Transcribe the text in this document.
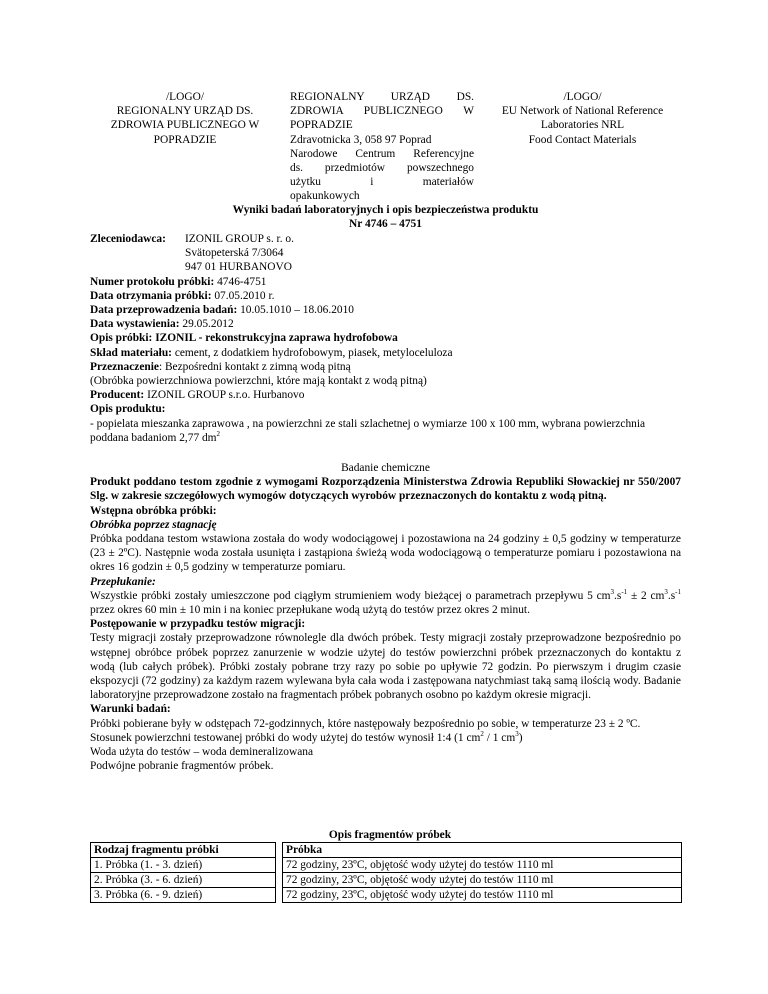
/LOGO/
REGIONALNY URZĄD DS.
ZDROWIA PUBLICZNEGO W
POPRADZIE
REGIONALNY URZĄD DS.
ZDROWIA PUBLICZNEGO W
POPRADZIE
Zdravotnicka 3, 058 97 Poprad
Narodowe Centrum Referencyjne
ds. przedmiotów powszechnego
użytku i materiałów
opakunkowych
/LOGO/
EU Network of National Reference
Laboratories NRL
Food Contact Materials
Wyniki badań laboratoryjnych i opis bezpieczeństwa produktu
Nr 4746 – 4751
Zleceniodawca:	IZONIL GROUP s. r. o.
Svätopeterská 7/3064
947 01 HURBANOVO
Numer protokołu próbki: 4746-4751
Data otrzymania próbki: 07.05.2010 r.
Data przeprowadzenia badań: 10.05.1010 – 18.06.2010
Data wystawienia: 29.05.2012
Opis próbki: IZONIL - rekonstrukcyjna zaprawa hydrofobowa
Skład materiału: cement, z dodatkiem hydrofobowym, piasek, metyloceluloza
Przeznaczenie: Bezpośredni kontakt z zimną wodą pitną
(Obróbka powierzchniowa powierzchni, które mają kontakt z wodą pitną)
Producent: IZONIL GROUP s.r.o. Hurbanovo
Opis produktu:
- popielata mieszanka zaprawowa , na powierzchni ze stali szlachetnej o wymiarze 100 x 100 mm, wybrana powierzchnia poddana badaniom 2,77 $dm^2$
Badanie chemiczne

Produkt poddano testom zgodnie z wymogami Rozporządzenia Ministerstwa Zdrowia Republiki Słowackiej nr 550/2007 Slg. w zakresie szczegółowych wymogów dotyczących wyrobów przeznaczonych do kontaktu z wodą pitną.

Wstępna obróbka próbki:
Obróbka poprzez stagnację

Próbka poddana testom wstawiona została do wody wodociągowej i pozostawiona na 24 godziny ± 0,5 godziny w temperaturze (23 ± 2ºC). Następnie woda została usunięta i zastąpiona świeżą woda wodociągową o temperaturze pomiaru i pozostawiona na okres 16 godzin ± 0,5 godziny w temperaturze pomiaru.

Przepłukanie:

Wszystkie próbki zostały umieszczone pod ciągłym strumieniem wody bieżącej o parametrach przepływu 5 $cm^3.s^{-1} \pm 2$ $cm^3.s^{-1}$ przez okres 60 min ± 10 min i na koniec przepłukane wodą użytą do testów przez okres 2 minut.

Postępowanie w przypadku testów migracji:

Testy migracji zostały przeprowadzone równolegle dla dwóch próbek. Testy migracji zostały przeprowadzone bezpośrednio po wstępnej obróbce próbek poprzez zanurzenie w wodzie użytej do testów powierzchni próbek przeznaczonych do kontaktu z wodą (lub całych próbek). Próbki zostały pobrane trzy razy po sobie po upływie 72 godzin. Po pierwszym i drugim czasie ekspozycji (72 godziny) za każdym razem wylewana była cała woda i zastępowana natychmiast taką samą ilością wody. Badanie laboratoryjne przeprowadzone zostało na fragmentach próbek pobranych osobno po każdym okresie migracji.

Warunki badań:

Próbki pobierane były w odstępach 72-godzinnych, które następowały bezpośrednio po sobie, w temperaturze 23 ± 2 ºC.

Stosunek powierzchni testowanej próbki do wody użytej do testów wynosił 1:4 (1 $cm^2 / 1$ $cm^3$)
Woda użyta do testów – woda demineralizowana
Podwójne pobranie fragmentów próbek.
Opis fragmentów próbek
Rodzaj fragmentu próbki		Próbka
1. Próbka (1. - 3. dzień)		72 godziny, 23ºC, objętość wody użytej do testów 1110 ml
2. Próbka (3. - 6. dzień)		72 godziny, 23ºC, objętość wody użytej do testów 1110 ml
3. Próbka (6. - 9. dzień)		72 godziny, 23ºC, objętość wody użytej do testów 1110 ml
